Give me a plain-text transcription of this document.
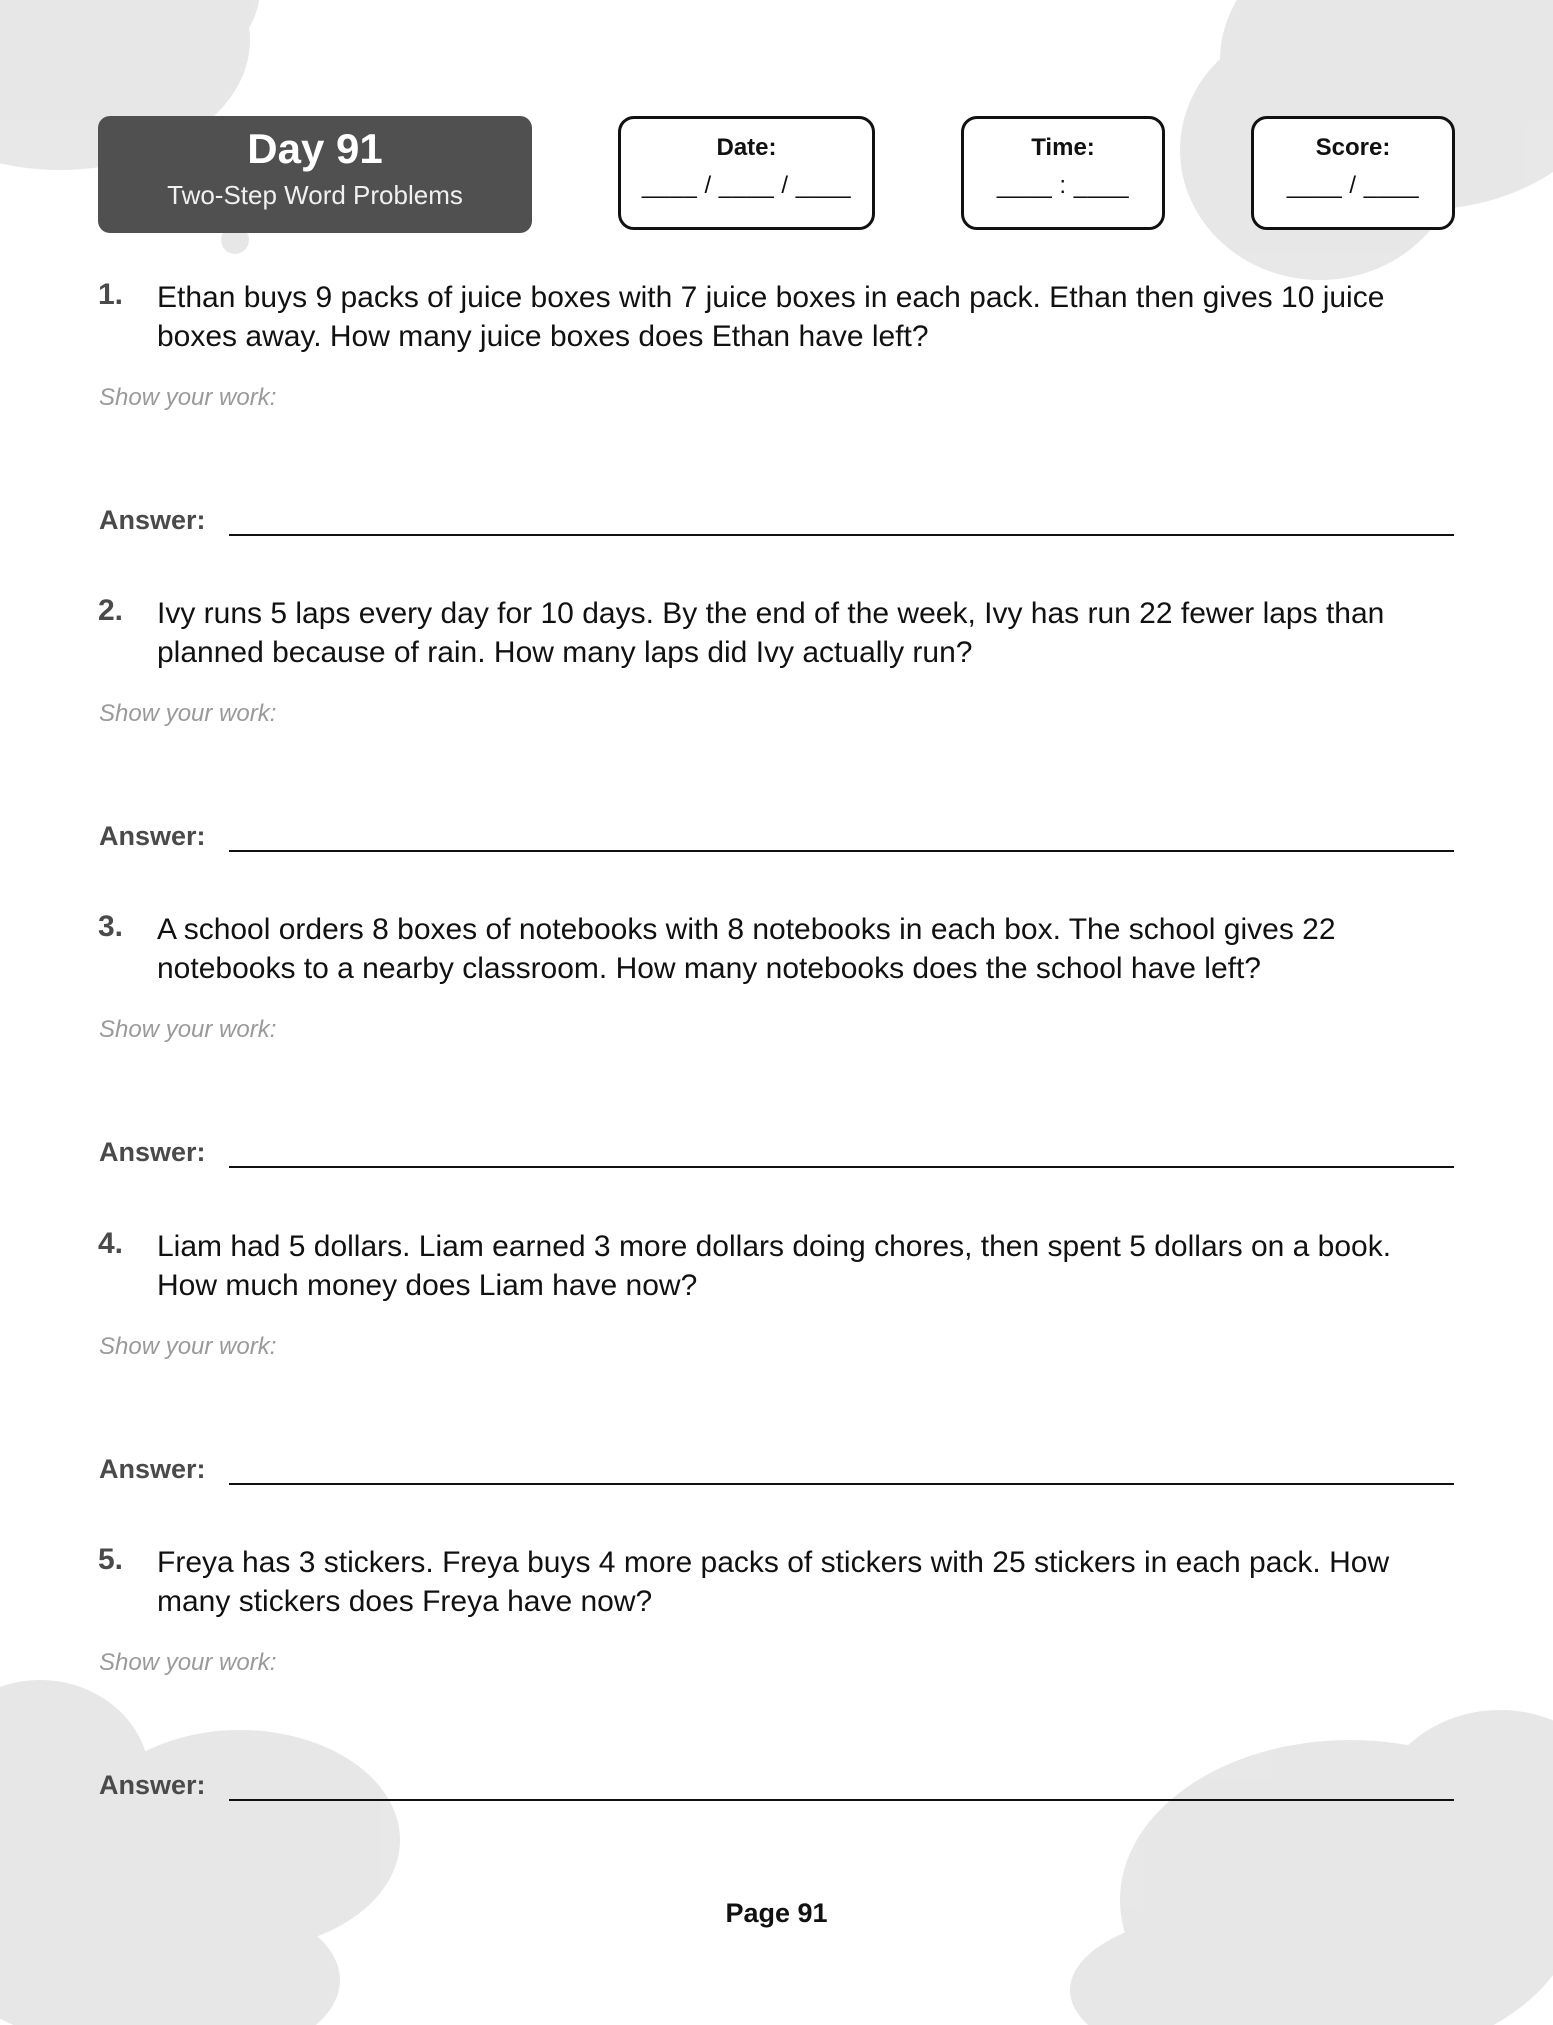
Day 91
Two-Step Word Problems
Date:
____ / ____ / ____
Time:
____ : ____
Score:
____ / ____
1. Ethan buys 9 packs of juice boxes with 7 juice boxes in each pack. Ethan then gives 10 juice boxes away. How many juice boxes does Ethan have left?
Show your work:
Answer:
2. Ivy runs 5 laps every day for 10 days. By the end of the week, Ivy has run 22 fewer laps than planned because of rain. How many laps did Ivy actually run?
Show your work:
Answer:
3. A school orders 8 boxes of notebooks with 8 notebooks in each box. The school gives 22 notebooks to a nearby classroom. How many notebooks does the school have left?
Show your work:
Answer:
4. Liam had 5 dollars. Liam earned 3 more dollars doing chores, then spent 5 dollars on a book. How much money does Liam have now?
Show your work:
Answer:
5. Freya has 3 stickers. Freya buys 4 more packs of stickers with 25 stickers in each pack. How many stickers does Freya have now?
Show your work:
Answer:
Page 91
